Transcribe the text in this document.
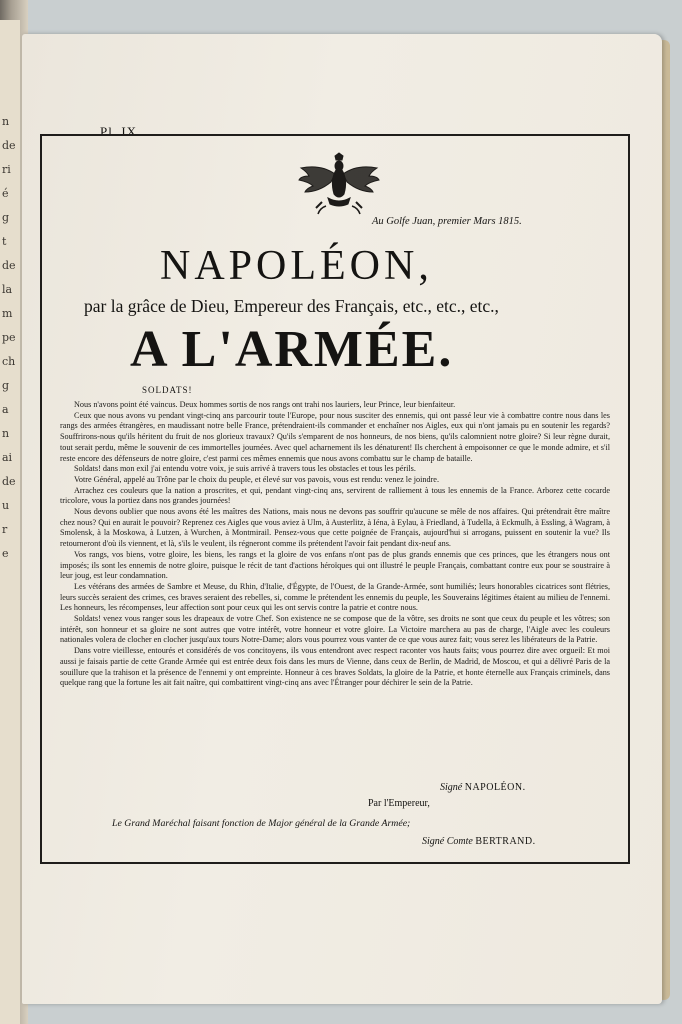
n
de
ri
é
g
t
de
la
m
pe
ch
g
a
n
ai
de
u
r
e
Pl. IX
Au Golfe Juan, premier Mars 1815.
NAPOLÉON,
par la grâce de Dieu, Empereur des Français, etc., etc., etc.,
A L'ARMÉE.
SOLDATS!

Nous n'avons point été vaincus. Deux hommes sortis de nos rangs ont trahi nos lauriers, leur Prince, leur bienfaiteur.

Ceux que nous avons vu pendant vingt-cinq ans parcourir toute l'Europe, pour nous susciter des ennemis, qui ont passé leur vie à combattre contre nous dans les rangs des armées étrangères, en maudissant notre belle France, prétendraient-ils commander et enchaîner nos Aigles, eux qui n'ont jamais pu en soutenir les regards? Souffrirons-nous qu'ils héritent du fruit de nos glorieux travaux? Qu'ils s'emparent de nos honneurs, de nos biens, qu'ils calomnient notre gloire? Si leur règne durait, tout serait perdu, même le souvenir de ces immortelles journées. Avec quel acharnement ils les dénaturent! Ils cherchent à empoisonner ce que le monde admire, et s'il reste encore des défenseurs de notre gloire, c'est parmi ces mêmes ennemis que nous avons combattu sur le champ de bataille.

Soldats! dans mon exil j'ai entendu votre voix, je suis arrivé à travers tous les obstacles et tous les périls.

Votre Général, appelé au Trône par le choix du peuple, et élevé sur vos pavois, vous est rendu: venez le joindre.

Arrachez ces couleurs que la nation a proscrites, et qui, pendant vingt-cinq ans, servirent de ralliement à tous les ennemis de la France. Arborez cette cocarde tricolore, vous la portiez dans nos grandes journées!

Nous devons oublier que nous avons été les maîtres des Nations, mais nous ne devons pas souffrir qu'aucune se mêle de nos affaires. Qui prétendrait être maître chez nous? Qui en aurait le pouvoir? Reprenez ces Aigles que vous aviez à Ulm, à Austerlitz, à Iéna, à Eylau, à Friedland, à Tudella, à Eckmulh, à Essling, à Wagram, à Smolensk, à la Moskowa, à Lutzen, à Wurchen, à Montmirail. Pensez-vous que cette poignée de Français, aujourd'hui si arrogans, puissent en soutenir la vue? Ils retourneront d'où ils viennent, et là, s'ils le veulent, ils régneront comme ils prétendent l'avoir fait pendant dix-neuf ans.

Vos rangs, vos biens, votre gloire, les biens, les rangs et la gloire de vos enfans n'ont pas de plus grands ennemis que ces princes, que les étrangers nous ont imposés; ils sont les ennemis de notre gloire, puisque le récit de tant d'actions héroïques qui ont illustré le peuple Français, combattant contre eux pour se soustraire à leur joug, est leur condamnation.

Les vétérans des armées de Sambre et Meuse, du Rhin, d'Italie, d'Égypte, de l'Ouest, de la Grande-Armée, sont humiliés; leurs honorables cicatrices sont flétries, leurs succès seraient des crimes, ces braves seraient des rebelles, si, comme le prétendent les ennemis du peuple, les Souverains légitimes étaient au milieu de l'ennemi. Les honneurs, les récompenses, leur affection sont pour ceux qui les ont servis contre la patrie et contre nous.

Soldats! venez vous ranger sous les drapeaux de votre Chef. Son existence ne se compose que de la vôtre, ses droits ne sont que ceux du peuple et les vôtres; son intérêt, son honneur et sa gloire ne sont autres que votre intérêt, votre honneur et votre gloire. La Victoire marchera au pas de charge, l'Aigle avec les couleurs nationales volera de clocher en clocher jusqu'aux tours Notre-Dame; alors vous pourrez vous vanter de ce que vous aurez fait; vous serez les libérateurs de la Patrie.

Dans votre vieillesse, entourés et considérés de vos concitoyens, ils vous entendront avec respect raconter vos hauts faits; vous pourrez dire avec orgueil: Et moi aussi je faisais partie de cette Grande Armée qui est entrée deux fois dans les murs de Vienne, dans ceux de Berlin, de Madrid, de Moscou, et qui a délivré Paris de la souillure que la trahison et la présence de l'ennemi y ont empreinte. Honneur à ces braves Soldats, la gloire de la Patrie, et honte éternelle aux Français criminels, dans quelque rang que la fortune les ait fait naître, qui combattirent vingt-cinq ans avec l'Étranger pour déchirer le sein de la Patrie.

Signé NAPOLÉON.
Par l'Empereur,
Le Grand Maréchal faisant fonction de Major général de la Grande Armée;
Signé Comte BERTRAND.
